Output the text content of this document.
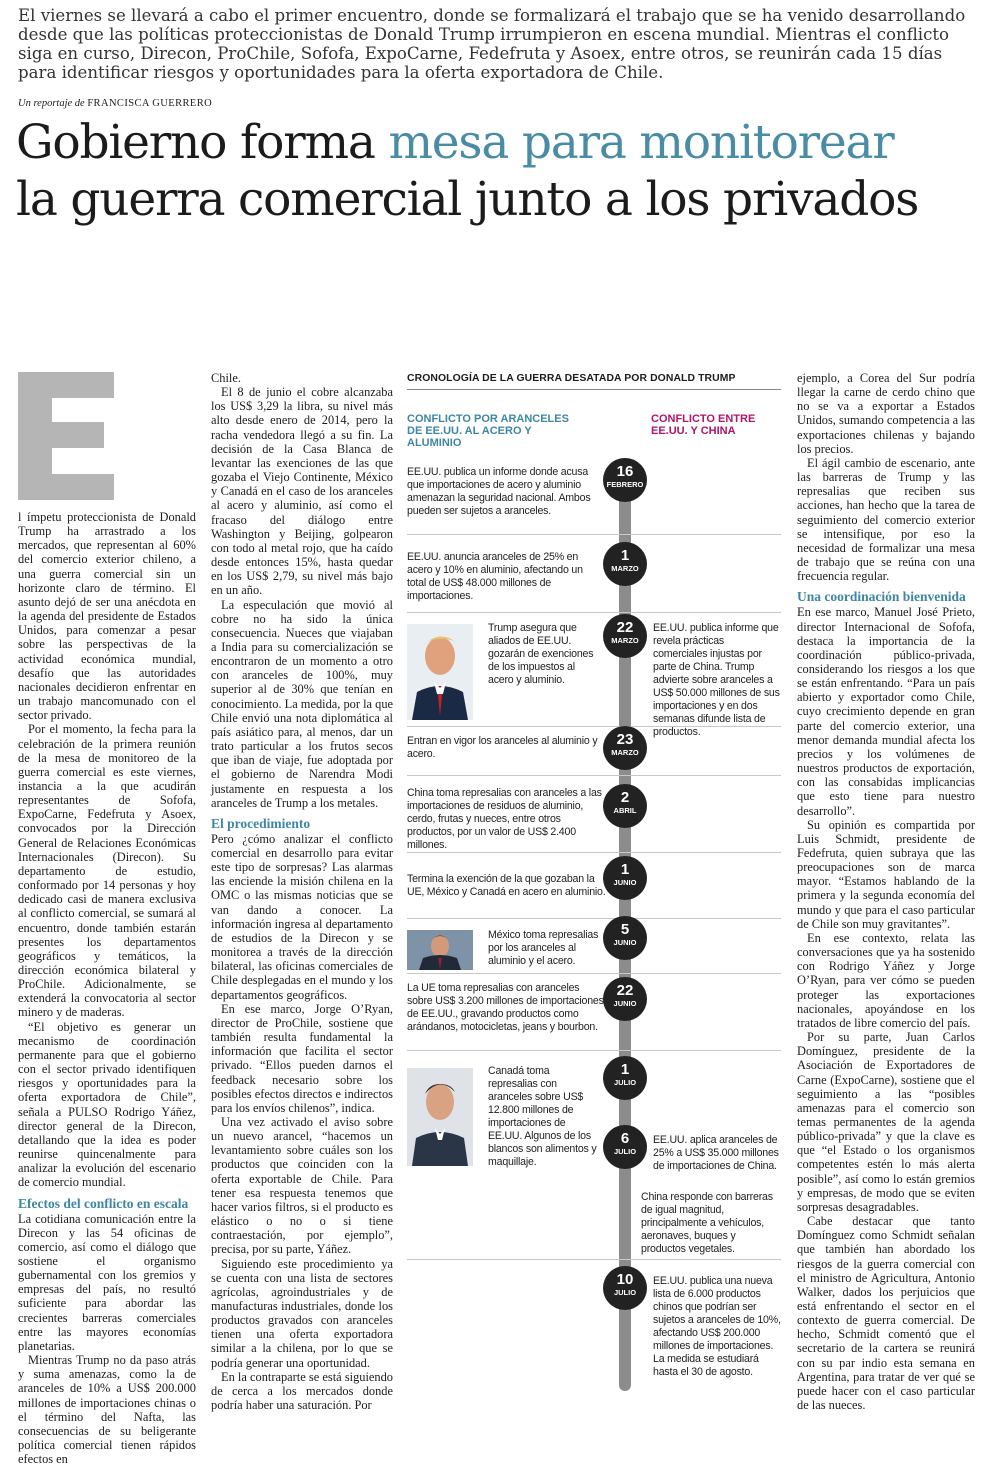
El viernes se llevará a cabo el primer encuentro, donde se formalizará el trabajo que se ha venido desarrollando desde que las políticas proteccionistas de Donald Trump irrumpieron en escena mundial. Mientras el conflicto siga en curso, Direcon, ProChile, Sofofa, ExpoCarne, Fedefruta y Asoex, entre otros, se reunirán cada 15 días para identificar riesgos y oportunidades para la oferta exportadora de Chile.
Un reportaje de FRANCISCA GUERRERO
Gobierno forma mesa para monitorear
la guerra comercial junto a los privados

l ímpetu proteccionista de Donald Trump ha arrastrado a los mercados, que representan al 60% del comercio exterior chileno, a una guerra comercial sin un horizonte claro de término. El asunto dejó de ser una anécdota en la agenda del presidente de Estados Unidos, para comenzar a pesar sobre las perspectivas de la actividad económica mundial, desafío que las autoridades nacionales decidieron enfrentar en un trabajo mancomunado con el sector privado.

Por el momento, la fecha para la celebración de la primera reunión de la mesa de monitoreo de la guerra comercial es este viernes, instancia a la que acudirán representantes de Sofofa, ExpoCarne, Fedefruta y Asoex, convocados por la Dirección General de Relaciones Económicas Internacionales (Direcon). Su departamento de estudio, conformado por 14 personas y hoy dedicado casi de manera exclusiva al conflicto comercial, se sumará al encuentro, donde también estarán presentes los departamentos geográficos y temáticos, la dirección económica bilateral y ProChile. Adicionalmente, se extenderá la convocatoria al sector minero y de maderas.

“El objetivo es generar un mecanismo de coordinación permanente para que el gobierno con el sector privado identifiquen riesgos y oportunidades para la oferta exportadora de Chile”, señala a PULSO Rodrigo Yáñez, director general de la Direcon, detallando que la idea es poder reunirse quincenalmente para analizar la evolución del escenario de comercio mundial.

Efectos del conflicto en escala

La cotidiana comunicación entre la Direcon y las 54 oficinas de comercio, así como el diálogo que sostiene el organismo gubernamental con los gremios y empresas del país, no resultó suficiente para abordar las crecientes barreras comerciales entre las mayores economías planetarias.

Mientras Trump no da paso atrás y suma amenazas, como la de aranceles de 10% a US$ 200.000 millones de importaciones chinas o el término del Nafta, las consecuencias de su beligerante política comercial tienen rápidos efectos en

Chile.

El 8 de junio el cobre alcanzaba los US$ 3,29 la libra, su nivel más alto desde enero de 2014, pero la racha vendedora llegó a su fin. La decisión de la Casa Blanca de levantar las exenciones de las que gozaba el Viejo Continente, México y Canadá en el caso de los aranceles al acero y aluminio, así como el fracaso del diálogo entre Washington y Beijing, golpearon con todo al metal rojo, que ha caído desde entonces 15%, hasta quedar en los US$ 2,79, su nivel más bajo en un año.

La especulación que movió al cobre no ha sido la única consecuencia. Nueces que viajaban a India para su comercialización se encontraron de un momento a otro con aranceles de 100%, muy superior al de 30% que tenían en conocimiento. La medida, por la que Chile envió una nota diplomática al país asiático para, al menos, dar un trato particular a los frutos secos que iban de viaje, fue adoptada por el gobierno de Narendra Modi justamente en respuesta a los aranceles de Trump a los metales.

El procedimiento

Pero ¿cómo analizar el conflicto comercial en desarrollo para evitar este tipo de sorpresas? Las alarmas las enciende la misión chilena en la OMC o las mismas noticias que se van dando a conocer. La información ingresa al departamento de estudios de la Direcon y se monitorea a través de la dirección bilateral, las oficinas comerciales de Chile desplegadas en el mundo y los departamentos geográficos.

En ese marco, Jorge O’Ryan, director de ProChile, sostiene que también resulta fundamental la información que facilita el sector privado. “Ellos pueden darnos el feedback necesario sobre los posibles efectos directos e indirectos para los envíos chilenos”, indica.

Una vez activado el aviso sobre un nuevo arancel, “hacemos un levantamiento sobre cuáles son los productos que coinciden con la oferta exportable de Chile. Para tener esa respuesta tenemos que hacer varios filtros, si el producto es elástico o no o si tiene contraestación, por ejemplo”, precisa, por su parte, Yáñez.

Siguiendo este procedimiento ya se cuenta con una lista de sectores agrícolas, agroindustriales y de manufacturas industriales, donde los productos gravados con aranceles tienen una oferta exportadora similar a la chilena, por lo que se podría generar una oportunidad.

En la contraparte se está siguiendo de cerca a los mercados donde podría haber una saturación. Por

CRONOLOGÍA DE LA GUERRA DESATADA POR DONALD TRUMP
CONFLICTO POR ARANCELES DE EE.UU. AL ACERO Y ALUMINIO
CONFLICTO ENTRE EE.UU. Y CHINA
16
FEBRERO
1
MARZO
22
MARZO
23
MARZO
2
ABRIL
1
JUNIO
5
JUNIO
22
JUNIO
1
JULIO
6
JULIO
10
JULIO
EE.UU. publica un informe donde acusa que importaciones de acero y aluminio amenazan la seguridad nacional. Ambos pueden ser sujetos a aranceles.
EE.UU. anuncia aranceles de 25% en acero y 10% en aluminio, afectando un total de US$ 48.000 millones de importaciones.
Trump asegura que aliados de EE.UU. gozarán de exenciones de los impuestos al acero y aluminio.
EE.UU. publica informe que revela prácticas comerciales injustas por parte de China. Trump advierte sobre aranceles a US$ 50.000 millones de sus importaciones y en dos semanas difunde lista de productos.
Entran en vigor los aranceles al aluminio y acero.
China toma represalias con aranceles a las importaciones de residuos de aluminio, cerdo, frutas y nueces, entre otros productos, por un valor de US$ 2.400 millones.
Termina la exención de la que gozaban la UE, México y Canadá en acero en aluminio.
México toma represalias por los aranceles al aluminio y el acero.
La UE toma represalias con aranceles sobre US$ 3.200 millones de importaciones de EE.UU., gravando productos como arándanos, motocicletas, jeans y bourbon.
Canadá toma represalias con aranceles sobre US$ 12.800 millones de importaciones de EE.UU. Algunos de los blancos son alimentos y maquillaje.
EE.UU. aplica aranceles de 25% a US$ 35.000 millones de importaciones de China.
China responde con barreras de igual magnitud, principalmente a vehículos, aeronaves, buques y productos vegetales.
EE.UU. publica una nueva lista de 6.000 productos chinos que podrían ser sujetos a aranceles de 10%, afectando US$ 200.000 millones de importaciones. La medida se estudiará hasta el 30 de agosto.

ejemplo, a Corea del Sur podría llegar la carne de cerdo chino que no se va a exportar a Estados Unidos, sumando competencia a las exportaciones chilenas y bajando los precios.

El ágil cambio de escenario, ante las barreras de Trump y las represalias que reciben sus acciones, han hecho que la tarea de seguimiento del comercio exterior se intensifique, por eso la necesidad de formalizar una mesa de trabajo que se reúna con una frecuencia regular.

Una coordinación bienvenida

En ese marco, Manuel José Prieto, director Internacional de Sofofa, destaca la importancia de la coordinación público-privada, considerando los riesgos a los que se están enfrentando. “Para un país abierto y exportador como Chile, cuyo crecimiento depende en gran parte del comercio exterior, una menor demanda mundial afecta los precios y los volúmenes de nuestros productos de exportación, con las consabidas implicancias que esto tiene para nuestro desarrollo”.

Su opinión es compartida por Luis Schmidt, presidente de Fedefruta, quien subraya que las preocupaciones son de marca mayor. “Estamos hablando de la primera y la segunda economía del mundo y que para el caso particular de Chile son muy gravitantes”.

En ese contexto, relata las conversaciones que ya ha sostenido con Rodrigo Yáñez y Jorge O’Ryan, para ver cómo se pueden proteger las exportaciones nacionales, apoyándose en los tratados de libre comercio del país.

Por su parte, Juan Carlos Domínguez, presidente de la Asociación de Exportadores de Carne (ExpoCarne), sostiene que el seguimiento a las “posibles amenazas para el comercio son temas permanentes de la agenda público-privada” y que la clave es que “el Estado o los organismos competentes estén lo más alerta posible”, así como lo están gremios y empresas, de modo que se eviten sorpresas desagradables.

Cabe destacar que tanto Domínguez como Schmidt señalan que también han abordado los riesgos de la guerra comercial con el ministro de Agricultura, Antonio Walker, dados los perjuicios que está enfrentando el sector en el contexto de guerra comercial. De hecho, Schmidt comentó que el secretario de la cartera se reunirá con su par indio esta semana en Argentina, para tratar de ver qué se puede hacer con el caso particular de las nueces.
